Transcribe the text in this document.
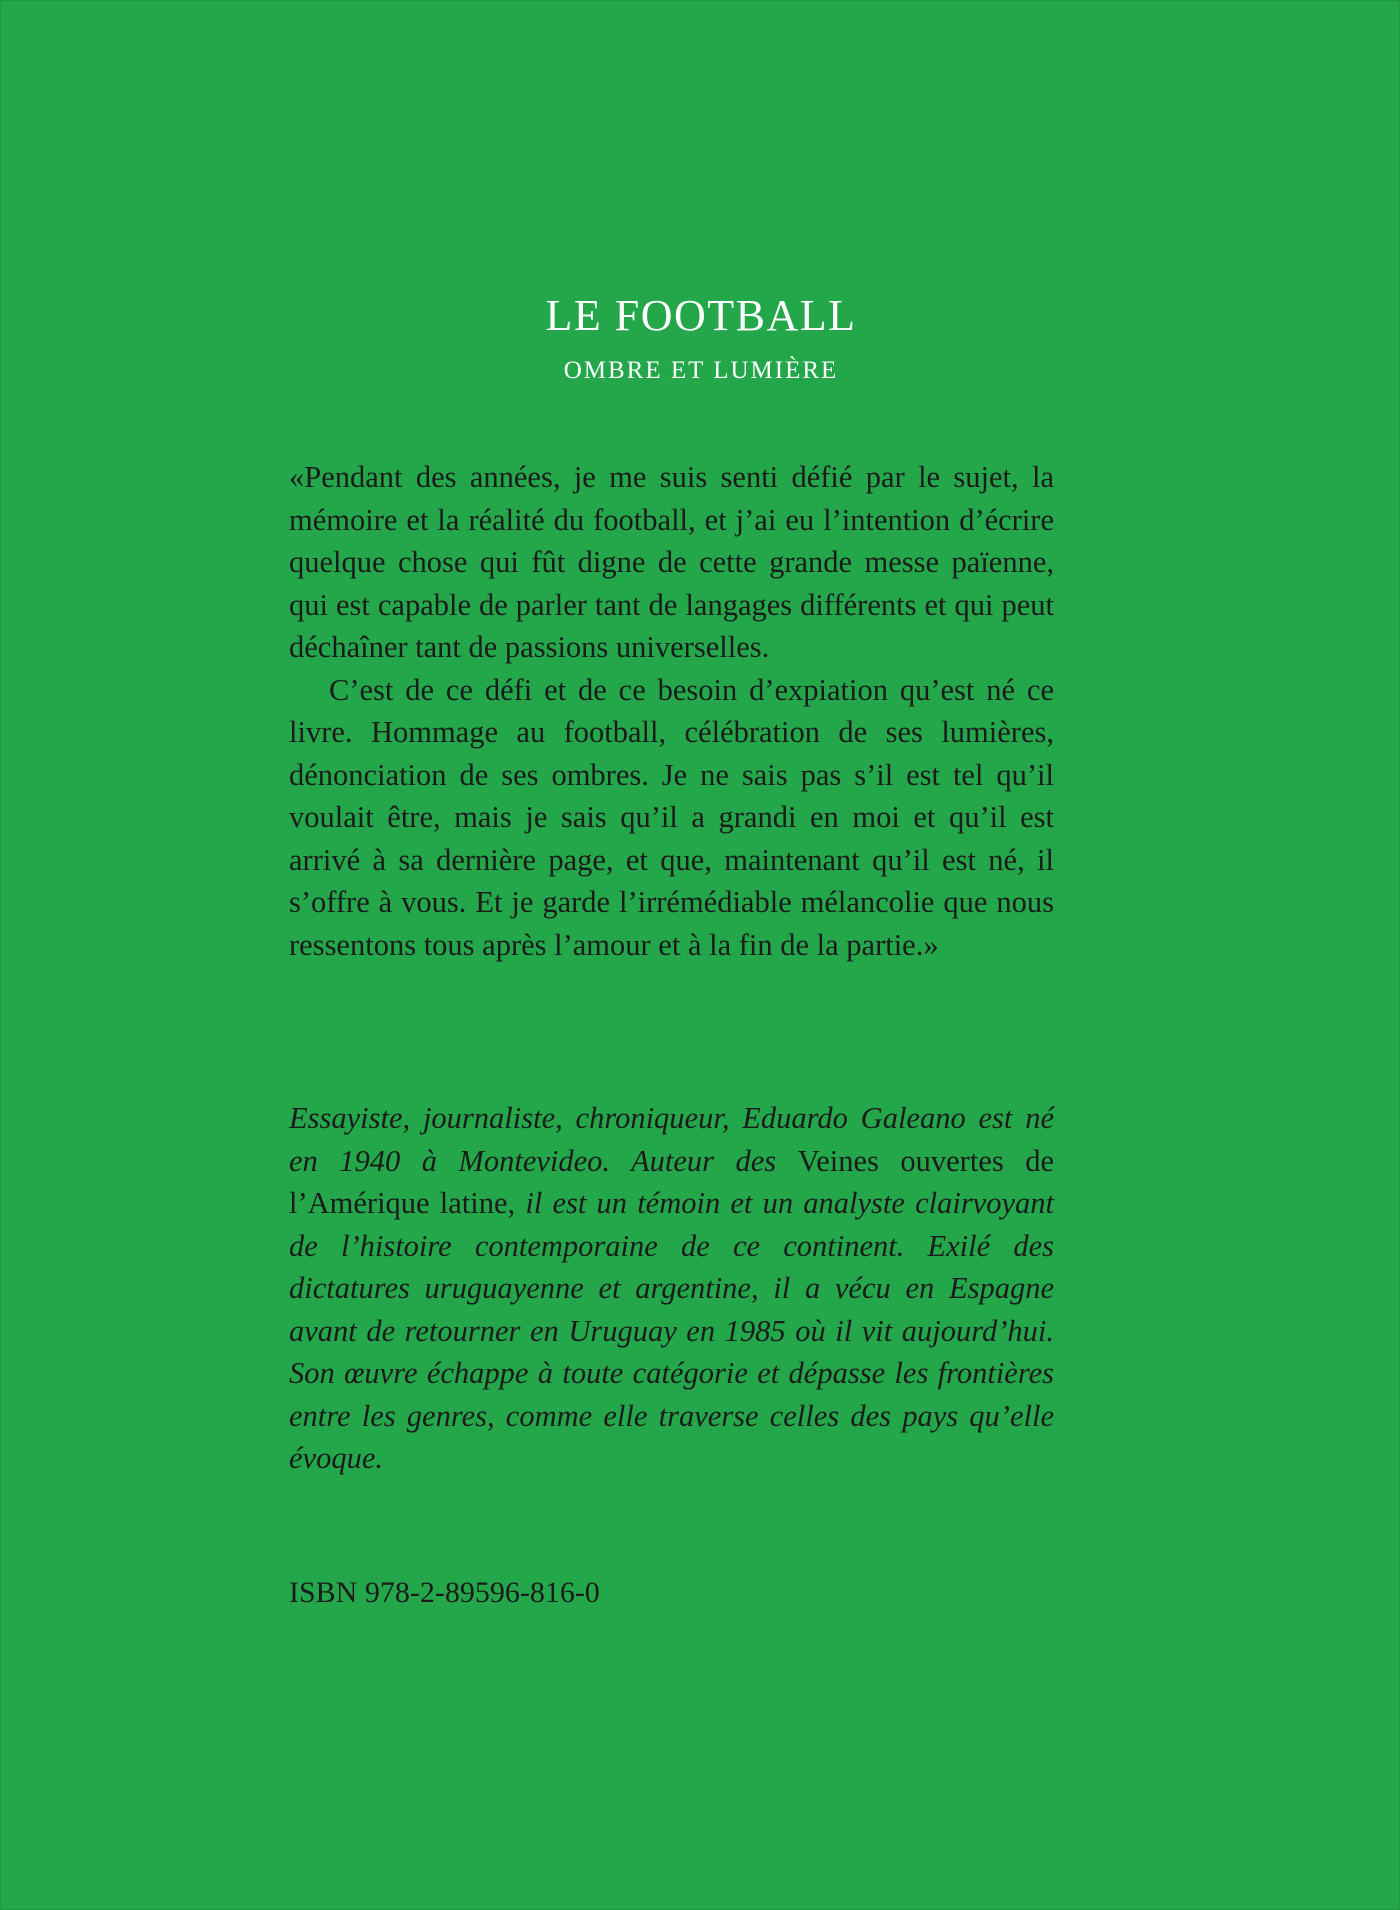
LE FOOTBALL

OMBRE ET LUMIÈRE

«Pendant des années, je me suis senti défié par le sujet, la mémoire et la réalité du football, et j’ai eu l’intention d’écrire quelque chose qui fût digne de cette grande messe païenne, qui est capable de parler tant de langages différents et qui peut déchaîner tant de passions universelles.

C’est de ce défi et de ce besoin d’expiation qu’est né ce livre. Hommage au football, célébration de ses lumières, dénonciation de ses ombres. Je ne sais pas s’il est tel qu’il voulait être, mais je sais qu’il a grandi en moi et qu’il est arrivé à sa dernière page, et que, maintenant qu’il est né, il s’offre à vous. Et je garde l’irrémédiable mélancolie que nous ressentons tous après l’amour et à la fin de la partie.»

Essayiste, journaliste, chroniqueur, Eduardo Galeano est né en 1940 à Montevideo. Auteur des Veines ouvertes de l’Amérique latine, il est un témoin et un analyste clairvoyant de l’histoire contemporaine de ce continent. Exilé des dictatures uruguayenne et argentine, il a vécu en Espagne avant de retourner en Uruguay en 1985 où il vit aujourd’hui. Son œuvre échappe à toute catégorie et dépasse les frontières entre les genres, comme elle traverse celles des pays qu’elle évoque.

ISBN 978-2-89596-816-0
